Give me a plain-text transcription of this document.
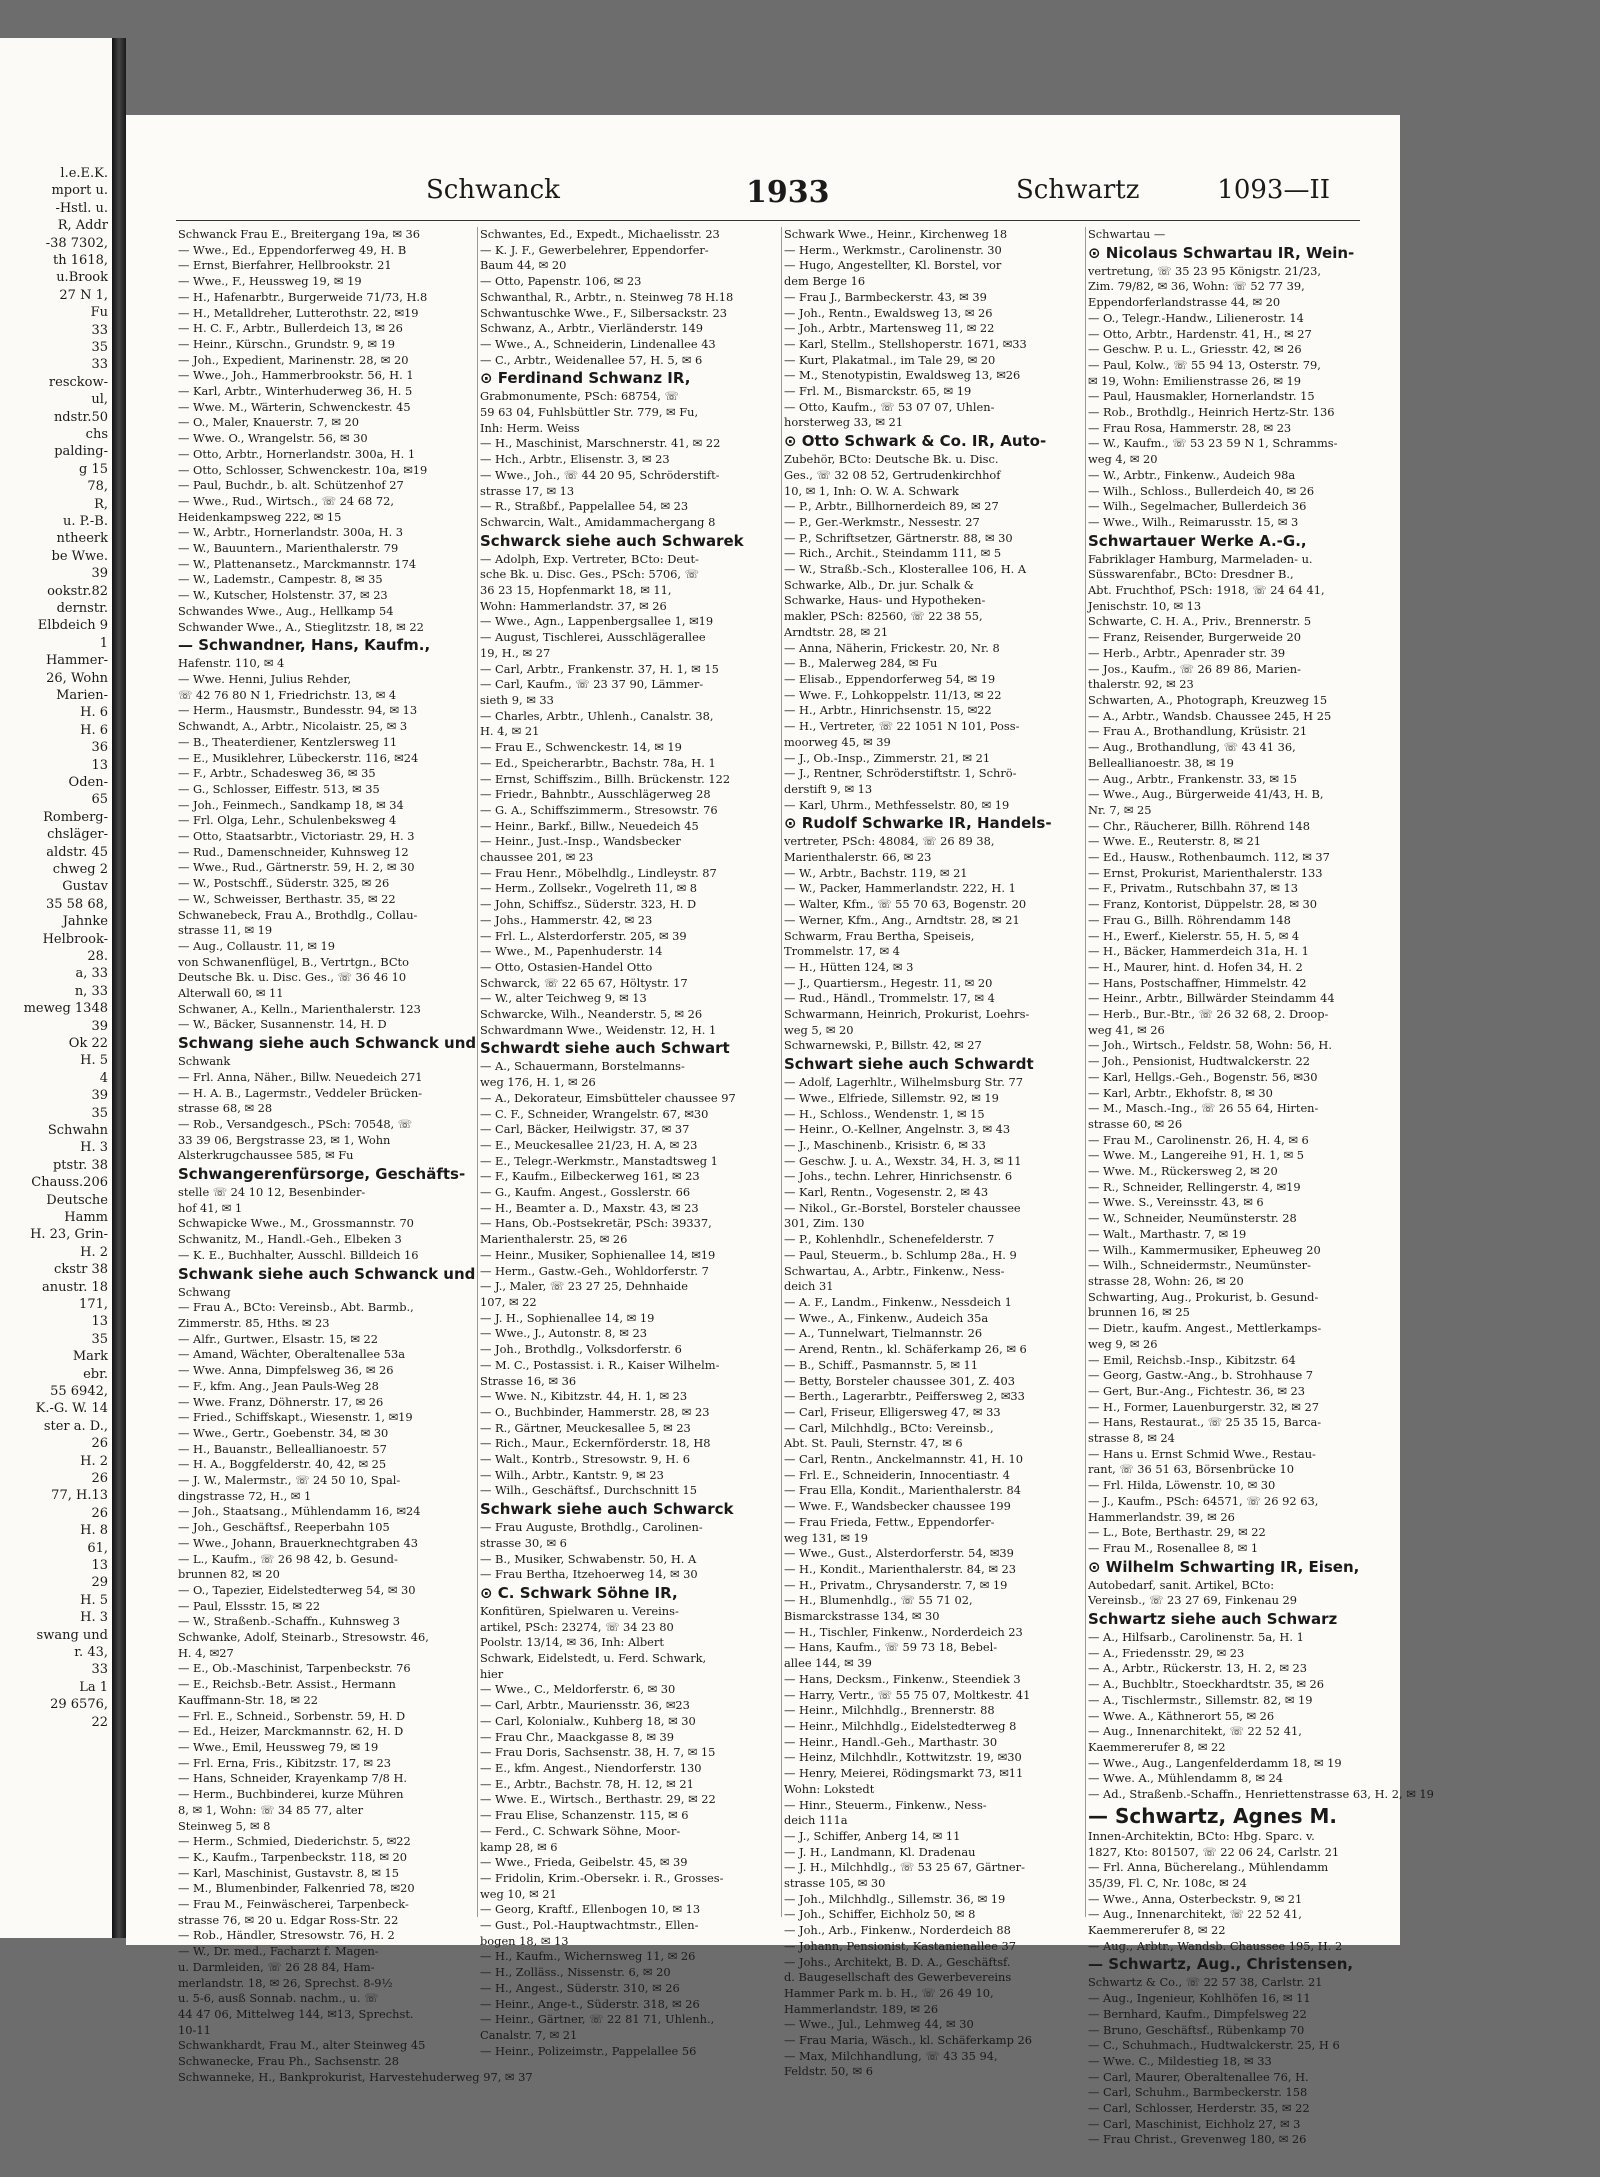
l.e.E.K.
mport u.
-Hstl. u.
R, Addr
-38 7302,
th 1618,
u.Brook
27 N 1,
Fu
33
35
33
resckow-
ul,
ndstr.50
chs
palding-
g 15
78,
R,
u. P.-B.
ntheerk
be Wwe.
39
ookstr.82
dernstr.
Elbdeich 9
1
Hammer-
26, Wohn
Marien-
H. 6
H. 6
36
13
Oden-
65
Romberg-
chsläger-
aldstr. 45
chweg 2
Gustav
35 58 68,
Jahnke
Helbrook-
28.
a, 33
n, 33
meweg 1348
39
Ok 22
H. 5
4
39
35
Schwahn
H. 3
ptstr. 38
Chauss.206
Deutsche
Hamm
H. 23, Grin-
H. 2
ckstr 38
anustr. 18
171,
13
35
Mark
ebr.
55 6942,
K.-G. W. 14
ster a. D.,
26
H. 2
26
77, H.13
26
H. 8
61,
13
29
H. 5
H. 3
swang und
r. 43,
33
La 1
29 6576,
22
Schwanck	1933	Schwartz	1093—II
Schwanck Frau E., Breitergang 19a, ✉ 36
— Wwe., Ed., Eppendorferweg 49, H. B
— Ernst, Bierfahrer, Hellbrookstr. 21
— Wwe., F., Heussweg 19, ✉ 19
— H., Hafenarbtr., Burgerweide 71/73, H.8
— H., Metalldreher, Lutterothstr. 22, ✉19
— H. C. F., Arbtr., Bullerdeich 13, ✉ 26
— Heinr., Kürschn., Grundstr. 9, ✉ 19
— Joh., Expedient, Marinenstr. 28, ✉ 20
— Wwe., Joh., Hammerbrookstr. 56, H. 1
— Karl, Arbtr., Winterhuderweg 36, H. 5
— Wwe. M., Wärterin, Schwenckestr. 45
— O., Maler, Knauerstr. 7, ✉ 20
— Wwe. O., Wrangelstr. 56, ✉ 30
— Otto, Arbtr., Hornerlandstr. 300a, H. 1
— Otto, Schlosser, Schwenckestr. 10a, ✉19
— Paul, Buchdr., b. alt. Schützenhof 27
— Wwe., Rud., Wirtsch., ☏ 24 68 72,
Heidenkampsweg 222, ✉ 15
— W., Arbtr., Hornerlandstr. 300a, H. 3
— W., Bauuntern., Marienthalerstr. 79
— W., Plattenansetz., Marckmannstr. 174
— W., Lademstr., Campestr. 8, ✉ 35
— W., Kutscher, Holstenstr. 37, ✉ 23
Schwandes Wwe., Aug., Hellkamp 54
Schwander Wwe., A., Stieglitzstr. 18, ✉ 22
— Schwandner, Hans, Kaufm.,
Hafenstr. 110, ✉ 4
— Wwe. Henni, Julius Rehder,
☏ 42 76 80 N 1, Friedrichstr. 13, ✉ 4
— Herm., Hausmstr., Bundesstr. 94, ✉ 13
Schwandt, A., Arbtr., Nicolaistr. 25, ✉ 3
— B., Theaterdiener, Kentzlersweg 11
— E., Musiklehrer, Lübeckerstr. 116, ✉24
— F., Arbtr., Schadesweg 36, ✉ 35
— G., Schlosser, Eiffestr. 513, ✉ 35
— Joh., Feinmech., Sandkamp 18, ✉ 34
— Frl. Olga, Lehr., Schulenbeksweg 4
— Otto, Staatsarbtr., Victoriastr. 29, H. 3
— Rud., Damenschneider, Kuhnsweg 12
— Wwe., Rud., Gärtnerstr. 59, H. 2, ✉ 30
— W., Postschff., Süderstr. 325, ✉ 26
— W., Schweisser, Berthastr. 35, ✉ 22
Schwanebeck, Frau A., Brothdlg., Collau-
strasse 11, ✉ 19
— Aug., Collaustr. 11, ✉ 19
von Schwanenflügel, B., Vertrtgn., BCto
Deutsche Bk. u. Disc. Ges., ☏ 36 46 10
Alterwall 60, ✉ 11
Schwaner, A., Kelln., Marienthalerstr. 123
— W., Bäcker, Susannenstr. 14, H. D
Schwang siehe auch Schwanck und
Schwank
— Frl. Anna, Näher., Billw. Neuedeich 271
— H. A. B., Lagermstr., Veddeler Brücken-
strasse 68, ✉ 28
— Rob., Versandgesch., PSch: 70548, ☏
33 39 06, Bergstrasse 23, ✉ 1, Wohn
Alsterkrugchaussee 585, ✉ Fu
Schwangerenfürsorge, Geschäfts-
stelle ☏ 24 10 12, Besenbinder-
hof 41, ✉ 1
Schwapicke Wwe., M., Grossmannstr. 70
Schwanitz, M., Handl.-Geh., Elbeken 3
— K. E., Buchhalter, Ausschl. Billdeich 16
Schwank siehe auch Schwanck und
Schwang
— Frau A., BCto: Vereinsb., Abt. Barmb.,
Zimmerstr. 85, Hths. ✉ 23
— Alfr., Gurtwer., Elsastr. 15, ✉ 22
— Amand, Wächter, Oberaltenallee 53a
— Wwe. Anna, Dimpfelsweg 36, ✉ 26
— F., kfm. Ang., Jean Pauls-Weg 28
— Wwe. Franz, Döhnerstr. 17, ✉ 26
— Fried., Schiffskapt., Wiesenstr. 1, ✉19
— Wwe., Gertr., Goebenstr. 34, ✉ 30
— H., Bauanstr., Belleallianoestr. 57
— H. A., Boggfelderstr. 40, 42, ✉ 25
— J. W., Malermstr., ☏ 24 50 10, Spal-
dingstrasse 72, H., ✉ 1
— Joh., Staatsang., Mühlendamm 16, ✉24
— Joh., Geschäftsf., Reeperbahn 105
— Wwe., Johann, Brauerknechtgraben 43
— L., Kaufm., ☏ 26 98 42, b. Gesund-
brunnen 82, ✉ 20
— O., Tapezier, Eidelstedterweg 54, ✉ 30
— Paul, Elssstr. 15, ✉ 22
— W., Straßenb.-Schaffn., Kuhnsweg 3
Schwanke, Adolf, Steinarb., Stresowstr. 46,
H. 4, ✉27
— E., Ob.-Maschinist, Tarpenbeckstr. 76
— E., Reichsb.-Betr. Assist., Hermann
Kauffmann-Str. 18, ✉ 22
— Frl. E., Schneid., Sorbenstr. 59, H. D
— Ed., Heizer, Marckmannstr. 62, H. D
— Wwe., Emil, Heussweg 79, ✉ 19
— Frl. Erna, Fris., Kibitzstr. 17, ✉ 23
— Hans, Schneider, Krayenkamp 7/8 H.
— Herm., Buchbinderei, kurze Mühren
8, ✉ 1, Wohn: ☏ 34 85 77, alter
Steinweg 5, ✉ 8
— Herm., Schmied, Diederichstr. 5, ✉22
— K., Kaufm., Tarpenbeckstr. 118, ✉ 20
— Karl, Maschinist, Gustavstr. 8, ✉ 15
— M., Blumenbinder, Falkenried 78, ✉20
— Frau M., Feinwäscherei, Tarpenbeck-
strasse 76, ✉ 20 u. Edgar Ross-Str. 22
— Rob., Händler, Stresowstr. 76, H. 2
— W., Dr. med., Facharzt f. Magen-
u. Darmleiden, ☏ 26 28 84, Ham-
merlandstr. 18, ✉ 26, Sprechst. 8-9½
u. 5-6, ausß Sonnab. nachm., u. ☏
44 47 06, Mittelweg 144, ✉13, Sprechst.
10-11
Schwankhardt, Frau M., alter Steinweg 45
Schwanecke, Frau Ph., Sachsenstr. 28
Schwanneke, H., Bankprokurist, Harvestehuderweg 97, ✉ 37
Schwantes, Ed., Expedt., Michaelisstr. 23
— K. J. F., Gewerbelehrer, Eppendorfer-
Baum 44, ✉ 20
— Otto, Papenstr. 106, ✉ 23
Schwanthal, R., Arbtr., n. Steinweg 78 H.18
Schwantuschke Wwe., F., Silbersackstr. 23
Schwanz, A., Arbtr., Vierländerstr. 149
— Wwe., A., Schneiderin, Lindenallee 43
— C., Arbtr., Weidenallee 57, H. 5, ✉ 6
⊙ Ferdinand Schwanz IR,
Grabmonumente, PSch: 68754, ☏
59 63 04, Fuhlsbüttler Str. 779, ✉ Fu,
Inh: Herm. Weiss
— H., Maschinist, Marschnerstr. 41, ✉ 22
— Hch., Arbtr., Elisenstr. 3, ✉ 23
— Wwe., Joh., ☏ 44 20 95, Schröderstift-
strasse 17, ✉ 13
— R., Straßbf., Pappelallee 54, ✉ 23
Schwarcin, Walt., Amidammachergang 8
Schwarck siehe auch Schwarek
— Adolph, Exp. Vertreter, BCto: Deut-
sche Bk. u. Disc. Ges., PSch: 5706, ☏
36 23 15, Hopfenmarkt 18, ✉ 11,
Wohn: Hammerlandstr. 37, ✉ 26
— Wwe., Agn., Lappenbergsallee 1, ✉19
— August, Tischlerei, Ausschlägerallee
19, H., ✉ 27
— Carl, Arbtr., Frankenstr. 37, H. 1, ✉ 15
— Carl, Kaufm., ☏ 23 37 90, Lämmer-
sieth 9, ✉ 33
— Charles, Arbtr., Uhlenh., Canalstr. 38,
H. 4, ✉ 21
— Frau E., Schwenckestr. 14, ✉ 19
— Ed., Speicherarbtr., Bachstr. 78a, H. 1
— Ernst, Schiffszim., Billh. Brückenstr. 122
— Friedr., Bahnbtr., Ausschlägerweg 28
— G. A., Schiffszimmerm., Stresowstr. 76
— Heinr., Barkf., Billw., Neuedeich 45
— Heinr., Just.-Insp., Wandsbecker
chaussee 201, ✉ 23
— Frau Henr., Möbelhdlg., Lindleystr. 87
— Herm., Zollsekr., Vogelreth 11, ✉ 8
— John, Schiffsz., Süderstr. 323, H. D
— Johs., Hammerstr. 42, ✉ 23
— Frl. L., Alsterdorferstr. 205, ✉ 39
— Wwe., M., Papenhuderstr. 14
— Otto, Ostasien-Handel Otto
Schwarck, ☏ 22 65 67, Höltystr. 17
— W., alter Teichweg 9, ✉ 13
Schwarcke, Wilh., Neanderstr. 5, ✉ 26
Schwardmann Wwe., Weidenstr. 12, H. 1
Schwardt siehe auch Schwart
— A., Schauermann, Borstelmanns-
weg 176, H. 1, ✉ 26
— A., Dekorateur, Eimsbütteler chaussee 97
— C. F., Schneider, Wrangelstr. 67, ✉30
— Carl, Bäcker, Heilwigstr. 37, ✉ 37
— E., Meuckesallee 21/23, H. A, ✉ 23
— E., Telegr.-Werkmstr., Manstadtsweg 1
— F., Kaufm., Eilbeckerweg 161, ✉ 23
— G., Kaufm. Angest., Gosslerstr. 66
— H., Beamter a. D., Maxstr. 43, ✉ 23
— Hans, Ob.-Postsekretär, PSch: 39337,
Marienthalerstr. 25, ✉ 26
— Heinr., Musiker, Sophienallee 14, ✉19
— Herm., Gastw.-Geh., Wohldorferstr. 7
— J., Maler, ☏ 23 27 25, Dehnhaide
107, ✉ 22
— J. H., Sophienallee 14, ✉ 19
— Wwe., J., Autonstr. 8, ✉ 23
— Joh., Brothdlg., Volksdorferstr. 6
— M. C., Postassist. i. R., Kaiser Wilhelm-
Strasse 16, ✉ 36
— Wwe. N., Kibitzstr. 44, H. 1, ✉ 23
— O., Buchbinder, Hammerstr. 28, ✉ 23
— R., Gärtner, Meuckesallee 5, ✉ 23
— Rich., Maur., Eckernförderstr. 18, H8
— Walt., Kontrb., Stresowstr. 9, H. 6
— Wilh., Arbtr., Kantstr. 9, ✉ 23
— Wilh., Geschäftsf., Durchschnitt 15
Schwark siehe auch Schwarck
— Frau Auguste, Brothdlg., Carolinen-
strasse 30, ✉ 6
— B., Musiker, Schwabenstr. 50, H. A
— Frau Bertha, Itzehoerweg 14, ✉ 30
⊙ C. Schwark Söhne IR,
Konfitüren, Spielwaren u. Vereins-
artikel, PSch: 23274, ☏ 34 23 80
Poolstr. 13/14, ✉ 36, Inh: Albert
Schwark, Eidelstedt, u. Ferd. Schwark,
hier
— Wwe., C., Meldorferstr. 6, ✉ 30
— Carl, Arbtr., Mauriensstr. 36, ✉23
— Carl, Kolonialw., Kuhberg 18, ✉ 30
— Frau Chr., Maackgasse 8, ✉ 39
— Frau Doris, Sachsenstr. 38, H. 7, ✉ 15
— E., kfm. Angest., Niendorferstr. 130
— E., Arbtr., Bachstr. 78, H. 12, ✉ 21
— Wwe. E., Wirtsch., Berthastr. 29, ✉ 22
— Frau Elise, Schanzenstr. 115, ✉ 6
— Ferd., C. Schwark Söhne, Moor-
kamp 28, ✉ 6
— Wwe., Frieda, Geibelstr. 45, ✉ 39
— Fridolin, Krim.-Obersekr. i. R., Grosses-
weg 10, ✉ 21
— Georg, Kraftf., Ellenbogen 10, ✉ 13
— Gust., Pol.-Hauptwachtmstr., Ellen-
bogen 18, ✉ 13
— H., Kaufm., Wichernsweg 11, ✉ 26
— H., Zolläss., Nissenstr. 6, ✉ 20
— H., Angest., Süderstr. 310, ✉ 26
— Heinr., Ange-t., Süderstr. 318, ✉ 26
— Heinr., Gärtner, ☏ 22 81 71, Uhlenh.,
Canalstr. 7, ✉ 21
— Heinr., Polizeimstr., Pappelallee 56
Schwark Wwe., Heinr., Kirchenweg 18
— Herm., Werkmstr., Carolinenstr. 30
— Hugo, Angestellter, Kl. Borstel, vor
dem Berge 16
— Frau J., Barmbeckerstr. 43, ✉ 39
— Joh., Rentn., Ewaldsweg 13, ✉ 26
— Joh., Arbtr., Martensweg 11, ✉ 22
— Karl, Stellm., Stellshoperstr. 1671, ✉33
— Kurt, Plakatmal., im Tale 29, ✉ 20
— M., Stenotypistin, Ewaldsweg 13, ✉26
— Frl. M., Bismarckstr. 65, ✉ 19
— Otto, Kaufm., ☏ 53 07 07, Uhlen-
horsterweg 33, ✉ 21
⊙ Otto Schwark & Co. IR, Auto-
Zubehör, BCto: Deutsche Bk. u. Disc.
Ges., ☏ 32 08 52, Gertrudenkirchhof
10, ✉ 1, Inh: O. W. A. Schwark
— P., Arbtr., Billhornerdeich 89, ✉ 27
— P., Ger.-Werkmstr., Nessestr. 27
— P., Schriftsetzer, Gärtnerstr. 88, ✉ 30
— Rich., Archit., Steindamm 111, ✉ 5
— W., Straßb.-Sch., Klosterallee 106, H. A
Schwarke, Alb., Dr. jur. Schalk &
Schwarke, Haus- und Hypotheken-
makler, PSch: 82560, ☏ 22 38 55,
Arndtstr. 28, ✉ 21
— Anna, Näherin, Frickestr. 20, Nr. 8
— B., Malerweg 284, ✉ Fu
— Elisab., Eppendorferweg 54, ✉ 19
— Wwe. F., Lohkoppelstr. 11/13, ✉ 22
— H., Arbtr., Hinrichsenstr. 15, ✉22
— H., Vertreter, ☏ 22 1051 N 101, Poss-
moorweg 45, ✉ 39
— J., Ob.-Insp., Zimmerstr. 21, ✉ 21
— J., Rentner, Schröderstiftstr. 1, Schrö-
derstift 9, ✉ 13
— Karl, Uhrm., Methfesselstr. 80, ✉ 19
⊙ Rudolf Schwarke IR, Handels-
vertreter, PSch: 48084, ☏ 26 89 38,
Marienthalerstr. 66, ✉ 23
— W., Arbtr., Bachstr. 119, ✉ 21
— W., Packer, Hammerlandstr. 222, H. 1
— Walter, Kfm., ☏ 55 70 63, Bogenstr. 20
— Werner, Kfm., Ang., Arndtstr. 28, ✉ 21
Schwarm, Frau Bertha, Speiseis,
Trommelstr. 17, ✉ 4
— H., Hütten 124, ✉ 3
— J., Quartiersm., Hegestr. 11, ✉ 20
— Rud., Händl., Trommelstr. 17, ✉ 4
Schwarmann, Heinrich, Prokurist, Loehrs-
weg 5, ✉ 20
Schwarnewski, P., Billstr. 42, ✉ 27
Schwart siehe auch Schwardt
— Adolf, Lagerhltr., Wilhelmsburg Str. 77
— Wwe., Elfriede, Sillemstr. 92, ✉ 19
— H., Schloss., Wendenstr. 1, ✉ 15
— Heinr., O.-Kellner, Angelnstr. 3, ✉ 43
— J., Maschinenb., Krisistr. 6, ✉ 33
— Geschw. J. u. A., Wexstr. 34, H. 3, ✉ 11
— Johs., techn. Lehrer, Hinrichsenstr. 6
— Karl, Rentn., Vogesenstr. 2, ✉ 43
— Nikol., Gr.-Borstel, Borsteler chaussee
301, Zim. 130
— P., Kohlenhdlr., Schenefelderstr. 7
— Paul, Steuerm., b. Schlump 28a., H. 9
Schwartau, A., Arbtr., Finkenw., Ness-
deich 31
— A. F., Landm., Finkenw., Nessdeich 1
— Wwe., A., Finkenw., Audeich 35a
— A., Tunnelwart, Tielmannstr. 26
— Arend, Rentn., kl. Schäferkamp 26, ✉ 6
— B., Schiff., Pasmannstr. 5, ✉ 11
— Betty, Borsteler chaussee 301, Z. 403
— Berth., Lagerarbtr., Peiffersweg 2, ✉33
— Carl, Friseur, Elligersweg 47, ✉ 33
— Carl, Milchhdlg., BCto: Vereinsb.,
Abt. St. Pauli, Sternstr. 47, ✉ 6
— Carl, Rentn., Anckelmannstr. 41, H. 10
— Frl. E., Schneiderin, Innocentiastr. 4
— Frau Ella, Kondit., Marienthalerstr. 84
— Wwe. F., Wandsbecker chaussee 199
— Frau Frieda, Fettw., Eppendorfer-
weg 131, ✉ 19
— Wwe., Gust., Alsterdorferstr. 54, ✉39
— H., Kondit., Marienthalerstr. 84, ✉ 23
— H., Privatm., Chrysanderstr. 7, ✉ 19
— H., Blumenhdlg., ☏ 55 71 02,
Bismarckstrasse 134, ✉ 30
— H., Tischler, Finkenw., Norderdeich 23
— Hans, Kaufm., ☏ 59 73 18, Bebel-
allee 144, ✉ 39
— Hans, Decksm., Finkenw., Steendiek 3
— Harry, Vertr., ☏ 55 75 07, Moltkestr. 41
— Heinr., Milchhdlg., Brennerstr. 88
— Heinr., Milchhdlg., Eidelstedterweg 8
— Heinr., Handl.-Geh., Marthastr. 30
— Heinz, Milchhdlr., Kottwitzstr. 19, ✉30
— Henry, Meierei, Rödingsmarkt 73, ✉11
Wohn: Lokstedt
— Hinr., Steuerm., Finkenw., Ness-
deich 111a
— J., Schiffer, Anberg 14, ✉ 11
— J. H., Landmann, Kl. Dradenau
— J. H., Milchhdlg., ☏ 53 25 67, Gärtner-
strasse 105, ✉ 30
— Joh., Milchhdlg., Sillemstr. 36, ✉ 19
— Joh., Schiffer, Eichholz 50, ✉ 8
— Joh., Arb., Finkenw., Norderdeich 88
— Johann, Pensionist, Kastanienallee 37
— Johs., Architekt, B. D. A., Geschäftsf.
d. Baugesellschaft des Gewerbevereins
Hammer Park m. b. H., ☏ 26 49 10,
Hammerlandstr. 189, ✉ 26
— Wwe., Jul., Lehmweg 44, ✉ 30
— Frau Maria, Wäsch., kl. Schäferkamp 26
— Max, Milchhandlung, ☏ 43 35 94,
Feldstr. 50, ✉ 6
Schwartau —
⊙ Nicolaus Schwartau IR, Wein-
vertretung, ☏ 35 23 95 Königstr. 21/23,
Zim. 79/82, ✉ 36, Wohn: ☏ 52 77 39,
Eppendorferlandstrasse 44, ✉ 20
— O., Telegr.-Handw., Lilienerostr. 14
— Otto, Arbtr., Hardenstr. 41, H., ✉ 27
— Geschw. P. u. L., Griesstr. 42, ✉ 26
— Paul, Kolw., ☏ 55 94 13, Osterstr. 79,
✉ 19, Wohn: Emilienstrasse 26, ✉ 19
— Paul, Hausmakler, Hornerlandstr. 15
— Rob., Brothdlg., Heinrich Hertz-Str. 136
— Frau Rosa, Hammerstr. 28, ✉ 23
— W., Kaufm., ☏ 53 23 59 N 1, Schramms-
weg 4, ✉ 20
— W., Arbtr., Finkenw., Audeich 98a
— Wilh., Schloss., Bullerdeich 40, ✉ 26
— Wilh., Segelmacher, Bullerdeich 36
— Wwe., Wilh., Reimarusstr. 15, ✉ 3
Schwartauer Werke A.-G.,
Fabriklager Hamburg, Marmeladen- u.
Süsswarenfabr., BCto: Dresdner B.,
Abt. Fruchthof, PSch: 1918, ☏ 24 64 41,
Jenischstr. 10, ✉ 13
Schwarte, C. H. A., Priv., Brennerstr. 5
— Franz, Reisender, Burgerweide 20
— Herb., Arbtr., Apenrader str. 39
— Jos., Kaufm., ☏ 26 89 86, Marien-
thalerstr. 92, ✉ 23
Schwarten, A., Photograph, Kreuzweg 15
— A., Arbtr., Wandsb. Chaussee 245, H 25
— Frau A., Brothandlung, Krüsistr. 21
— Aug., Brothandlung, ☏ 43 41 36,
Belleallianoestr. 38, ✉ 19
— Aug., Arbtr., Frankenstr. 33, ✉ 15
— Wwe., Aug., Bürgerweide 41/43, H. B,
Nr. 7, ✉ 25
— Chr., Räucherer, Billh. Röhrend 148
— Wwe. E., Reuterstr. 8, ✉ 21
— Ed., Hausw., Rothenbaumch. 112, ✉ 37
— Ernst, Prokurist, Marienthalerstr. 133
— F., Privatm., Rutschbahn 37, ✉ 13
— Franz, Kontorist, Düppelstr. 28, ✉ 30
— Frau G., Billh. Röhrendamm 148
— H., Ewerf., Kielerstr. 55, H. 5, ✉ 4
— H., Bäcker, Hammerdeich 31a, H. 1
— H., Maurer, hint. d. Hofen 34, H. 2
— Hans, Postschaffner, Himmelstr. 42
— Heinr., Arbtr., Billwärder Steindamm 44
— Herb., Bur.-Btr., ☏ 26 32 68, 2. Droop-
weg 41, ✉ 26
— Joh., Wirtsch., Feldstr. 58, Wohn: 56, H.
— Joh., Pensionist, Hudtwalckerstr. 22
— Karl, Hellgs.-Geh., Bogenstr. 56, ✉30
— Karl, Arbtr., Ekhofstr. 8, ✉ 30
— M., Masch.-Ing., ☏ 26 55 64, Hirten-
strasse 60, ✉ 26
— Frau M., Carolinenstr. 26, H. 4, ✉ 6
— Wwe. M., Langereihe 91, H. 1, ✉ 5
— Wwe. M., Rückersweg 2, ✉ 20
— R., Schneider, Rellingerstr. 4, ✉19
— Wwe. S., Vereinsstr. 43, ✉ 6
— W., Schneider, Neumünsterstr. 28
— Walt., Marthastr. 7, ✉ 19
— Wilh., Kammermusiker, Epheuweg 20
— Wilh., Schneidermstr., Neumünster-
strasse 28, Wohn: 26, ✉ 20
Schwarting, Aug., Prokurist, b. Gesund-
brunnen 16, ✉ 25
— Dietr., kaufm. Angest., Mettlerkamps-
weg 9, ✉ 26
— Emil, Reichsb.-Insp., Kibitzstr. 64
— Georg, Gastw.-Ang., b. Strohhause 7
— Gert, Bur.-Ang., Fichtestr. 36, ✉ 23
— H., Former, Lauenburgerstr. 32, ✉ 27
— Hans, Restaurat., ☏ 25 35 15, Barca-
strasse 8, ✉ 24
— Hans u. Ernst Schmid Wwe., Restau-
rant, ☏ 36 51 63, Börsenbrücke 10
— Frl. Hilda, Löwenstr. 10, ✉ 30
— J., Kaufm., PSch: 64571, ☏ 26 92 63,
Hammerlandstr. 39, ✉ 26
— L., Bote, Berthastr. 29, ✉ 22
— Frau M., Rosenallee 8, ✉ 1
⊙ Wilhelm Schwarting IR, Eisen,
Autobedarf, sanit. Artikel, BCto:
Vereinsb., ☏ 23 27 69, Finkenau 29
Schwartz siehe auch Schwarz
— A., Hilfsarb., Carolinenstr. 5a, H. 1
— A., Friedensstr. 29, ✉ 23
— A., Arbtr., Rückerstr. 13, H. 2, ✉ 23
— A., Buchbltr., Stoeckhardtstr. 35, ✉ 26
— A., Tischlermstr., Sillemstr. 82, ✉ 19
— Wwe. A., Käthnerort 55, ✉ 26
— Aug., Innenarchitekt, ☏ 22 52 41,
Kaemmererufer 8, ✉ 22
— Wwe., Aug., Langenfelderdamm 18, ✉ 19
— Wwe. A., Mühlendamm 8, ✉ 24
— Ad., Straßenb.-Schaffn., Henriettenstrasse 63, H. 2, ✉ 19
— Schwartz, Agnes M.
Innen-Architektin, BCto: Hbg. Sparc. v.
1827, Kto: 801507, ☏ 22 06 24, Carlstr. 21
— Frl. Anna, Bücherelang., Mühlendamm
35/39, Fl. C, Nr. 108c, ✉ 24
— Wwe., Anna, Osterbeckstr. 9, ✉ 21
— Aug., Innenarchitekt, ☏ 22 52 41,
Kaemmererufer 8, ✉ 22
— Aug., Arbtr., Wandsb. Chaussee 195, H. 2
— Schwartz, Aug., Christensen,
Schwartz & Co., ☏ 22 57 38, Carlstr. 21
— Aug., Ingenieur, Kohlhöfen 16, ✉ 11
— Bernhard, Kaufm., Dimpfelsweg 22
— Bruno, Geschäftsf., Rübenkamp 70
— C., Schuhmach., Hudtwalckerstr. 25, H 6
— Wwe. C., Mildestieg 18, ✉ 33
— Carl, Maurer, Oberaltenallee 76, H.
— Carl, Schuhm., Barmbeckerstr. 158
— Carl, Schlosser, Herderstr. 35, ✉ 22
— Carl, Maschinist, Eichholz 27, ✉ 3
— Frau Christ., Grevenweg 180, ✉ 26
